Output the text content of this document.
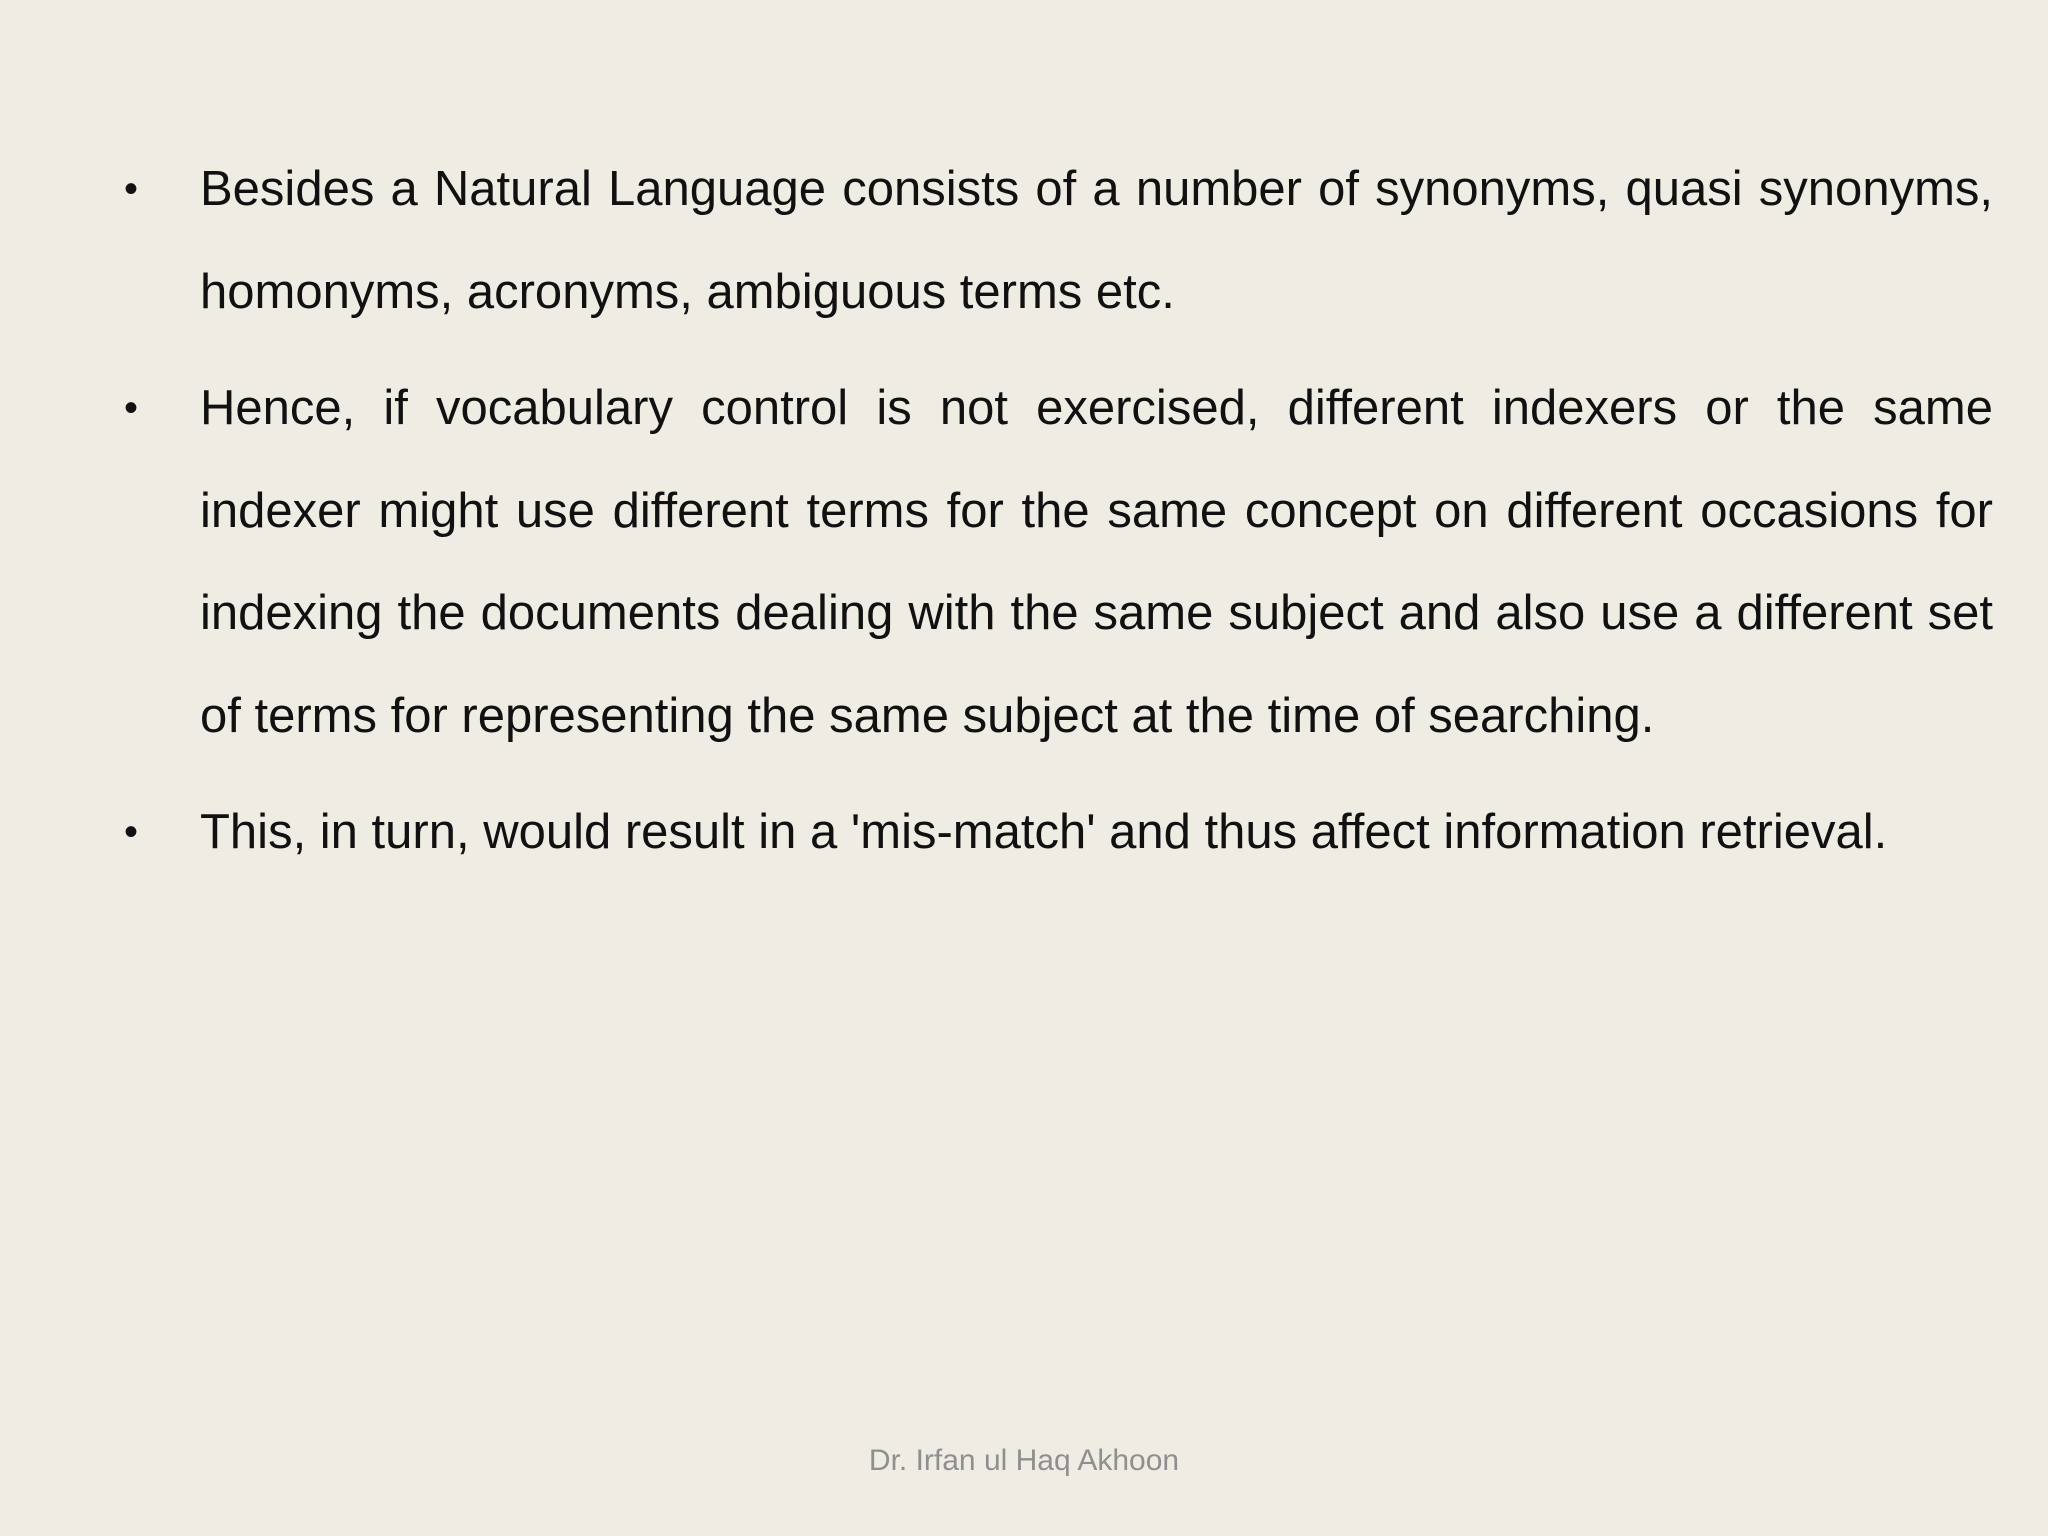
• Besides a Natural Language consists of a number of synonyms, quasi synonyms, homonyms, acronyms, ambiguous terms etc.
• Hence, if vocabulary control is not exercised, different indexers or the same indexer might use different terms for the same concept on different occasions for indexing the documents dealing with the same subject and also use a different set of terms for representing the same subject at the time of searching.
• This, in turn, would result in a 'mis-match' and thus affect information retrieval.
Dr. Irfan ul Haq Akhoon
